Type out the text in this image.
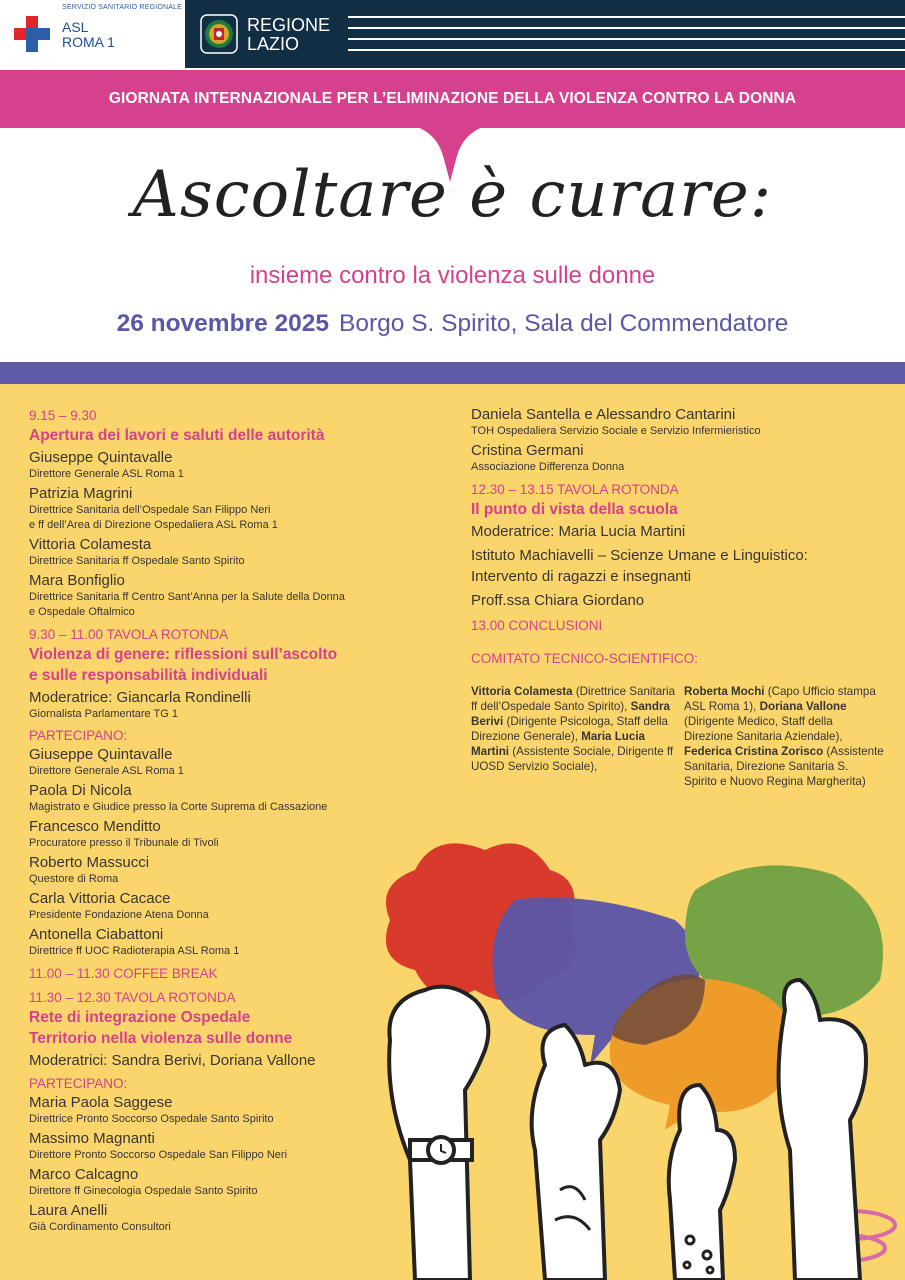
SERVIZIO SANITARIO REGIONALE
ASL
ROMA 1
REGIONE
LAZIO
GIORNATA INTERNAZIONALE PER L’ELIMINAZIONE DELLA VIOLENZA CONTRO LA DONNA
Ascoltare è curare:
insieme contro la violenza sulle donne
26 novembre 2025 Borgo S. Spirito, Sala del Commendatore
9.15 – 9.30
Apertura dei lavori e saluti delle autorità
Giuseppe Quintavalle
Direttore Generale ASL Roma 1
Patrizia Magrini
Direttrice Sanitaria dell’Ospedale San Filippo Neri
e ff dell’Area di Direzione Ospedaliera ASL Roma 1
Vittoria Colamesta
Direttrice Sanitaria ff Ospedale Santo Spirito
Mara Bonfiglio
Direttrice Sanitaria ff Centro Sant’Anna per la Salute della Donna
e Ospedale Oftalmico
9.30 – 11.00 TAVOLA ROTONDA
Violenza di genere: riflessioni sull’ascolto
e sulle responsabilità individuali
Moderatrice: Giancarla Rondinelli
Giornalista Parlamentare TG 1
PARTECIPANO:
Giuseppe Quintavalle
Direttore Generale ASL Roma 1
Paola Di Nicola
Magistrato e Giudice presso la Corte Suprema di Cassazione
Francesco Menditto
Procuratore presso il Tribunale di Tivoli
Roberto Massucci
Questore di Roma
Carla Vittoria Cacace
Presidente Fondazione Atena Donna
Antonella Ciabattoni
Direttrice ff UOC Radioterapia ASL Roma 1
11.00 – 11.30 COFFEE BREAK
11.30 – 12.30 TAVOLA ROTONDA
Rete di integrazione Ospedale
Territorio nella violenza sulle donne
Moderatrici: Sandra Berivi, Doriana Vallone
PARTECIPANO:
Maria Paola Saggese
Direttrice Pronto Soccorso Ospedale Santo Spirito
Massimo Magnanti
Direttore Pronto Soccorso Ospedale San Filippo Neri
Marco Calcagno
Direttore ff Ginecologia Ospedale Santo Spirito
Laura Anelli
Già Cordinamento Consultori
Daniela Santella e Alessandro Cantarini
TOH Ospedaliera Servizio Sociale e Servizio Infermieristico
Cristina Germani
Associazione Differenza Donna
12.30 – 13.15 TAVOLA ROTONDA
Il punto di vista della scuola
Moderatrice: Maria Lucia Martini
Istituto Machiavelli – Scienze Umane e Linguistico:
Intervento di ragazzi e insegnanti
Proff.ssa Chiara Giordano
13.00 CONCLUSIONI
COMITATO TECNICO-SCIENTIFICO:
Vittoria Colamesta (Direttrice Sanitaria ff dell’Ospedale Santo Spirito), Sandra Berivi (Dirigente Psicologa, Staff della Direzione Generale), Maria Lucia Martini (Assistente Sociale, Dirigente ff UOSD Servizio Sociale),
Roberta Mochi (Capo Ufficio stampa ASL Roma 1), Doriana Vallone (Dirigente Medico, Staff della Direzione Sanitaria Aziendale), Federica Cristina Zorisco (Assistente Sanitaria, Direzione Sanitaria S. Spirito e Nuovo Regina Margherita)
